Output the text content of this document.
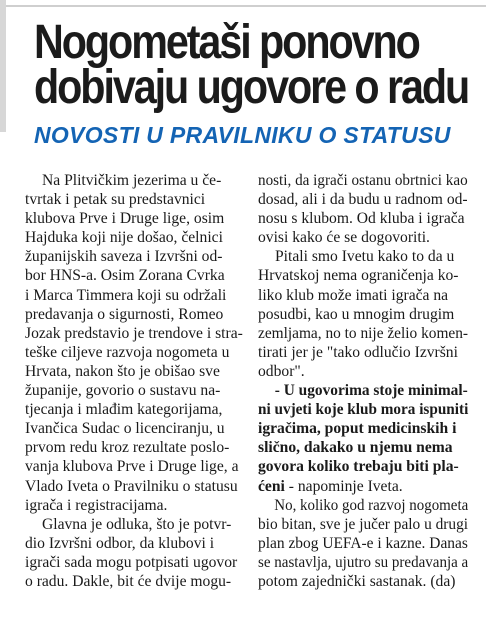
Nogometaši ponovno
dobivaju ugovore o radu
NOVOSTI U PRAVILNIKU O STATUSU
Na Plitvičkim jezerima u če-
tvrtak i petak su predstavnici
klubova Prve i Druge lige, osim
Hajduka koji nije došao, čelnici
županijskih saveza i Izvršni od-
bor HNS-a. Osim Zorana Cvrka
i Marca Timmera koji su održali
predavanja o sigurnosti, Romeo
Jozak predstavio je trendove i stra-
teške ciljeve razvoja nogometa u
Hrvata, nakon što je obišao sve
županije, govorio o sustavu na-
tjecanja i mlađim kategorijama,
Ivančica Sudac o licenciranju, u
prvom redu kroz rezultate poslo-
vanja klubova Prve i Druge lige, a
Vlado Iveta o Pravilniku o statusu
igrača i registracijama.
Glavna je odluka, što je potvr-
dio Izvršni odbor, da klubovi i
igrači sada mogu potpisati ugovor
o radu. Dakle, bit će dvije mogu-
nosti, da igrači ostanu obrtnici kao
dosad, ali i da budu u radnom od-
nosu s klubom. Od kluba i igrača
ovisi kako će se dogovoriti.
Pitali smo Ivetu kako to da u
Hrvatskoj nema ograničenja ko-
liko klub može imati igrača na
posudbi, kao u mnogim drugim
zemljama, no to nije želio komen-
tirati jer je "tako odlučio Izvršni
odbor".
- U ugovorima stoje minimal-
ni uvjeti koje klub mora ispuniti
igračima, poput medicinskih i
slično, dakako u njemu nema
govora koliko trebaju biti pla-
ćeni - napominje Iveta.
No, koliko god razvoj nogometa
bio bitan, sve je jučer palo u drugi
plan zbog UEFA-e i kazne. Danas
se nastavlja, ujutro su predavanja a
potom zajednički sastanak. (da)
